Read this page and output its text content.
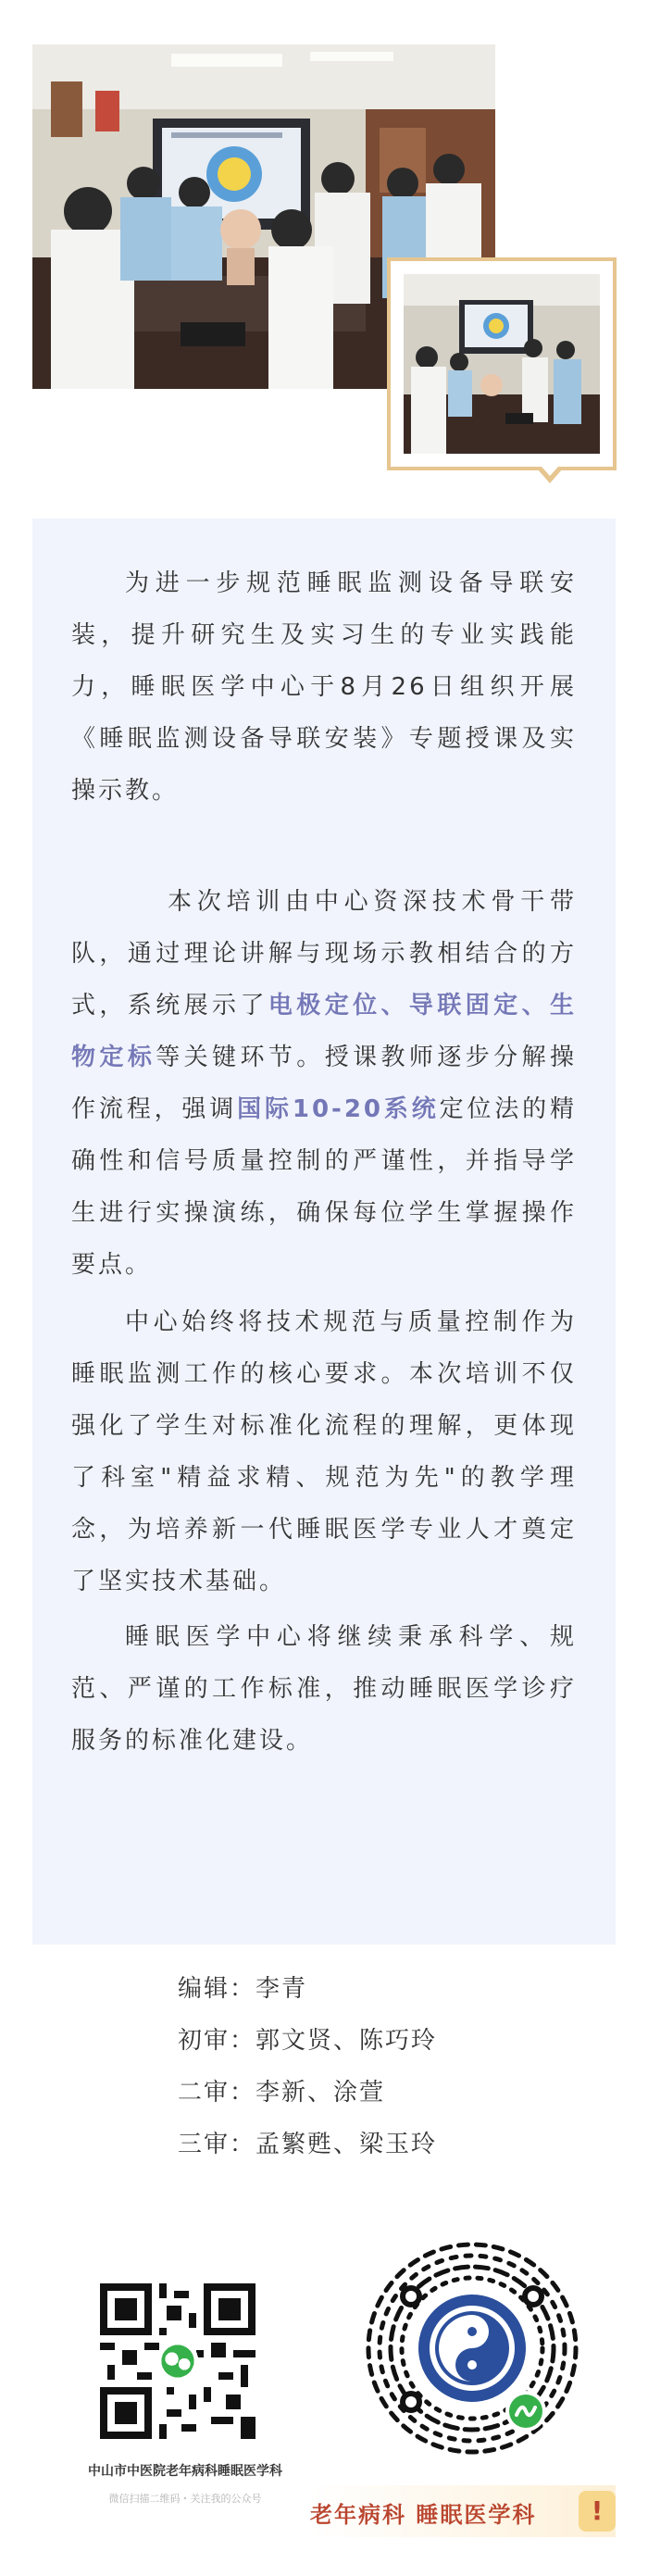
为进一步规范睡眠监测设备导联安装，提升研究生及实习生的专业实践能力，睡眠医学中心于8月26日组织开展《睡眠监测设备导联安装》专题授课及实操示教。

本次培训由中心资深技术骨干带队，通过理论讲解与现场示教相结合的方式，系统展示了电极定位、导联固定、生物定标等关键环节。授课教师逐步分解操作流程，强调国际10-20系统定位法的精确性和信号质量控制的严谨性，并指导学生进行实操演练，确保每位学生掌握操作要点。

中心始终将技术规范与质量控制作为睡眠监测工作的核心要求。本次培训不仅强化了学生对标准化流程的理解，更体现了科室"精益求精、规范为先"的教学理念，为培养新一代睡眠医学专业人才奠定了坚实技术基础。

睡眠医学中心将继续秉承科学、规范、严谨的工作标准，推动睡眠医学诊疗服务的标准化建设。

编辑：李青
初审：郭文贤、陈巧玲
二审：李新、涂萱
三审：孟繁甦、梁玉玲
中山市中医院老年病科睡眠医学科
微信扫描二维码・关注我的公众号
老年病科 睡眠医学科	!
